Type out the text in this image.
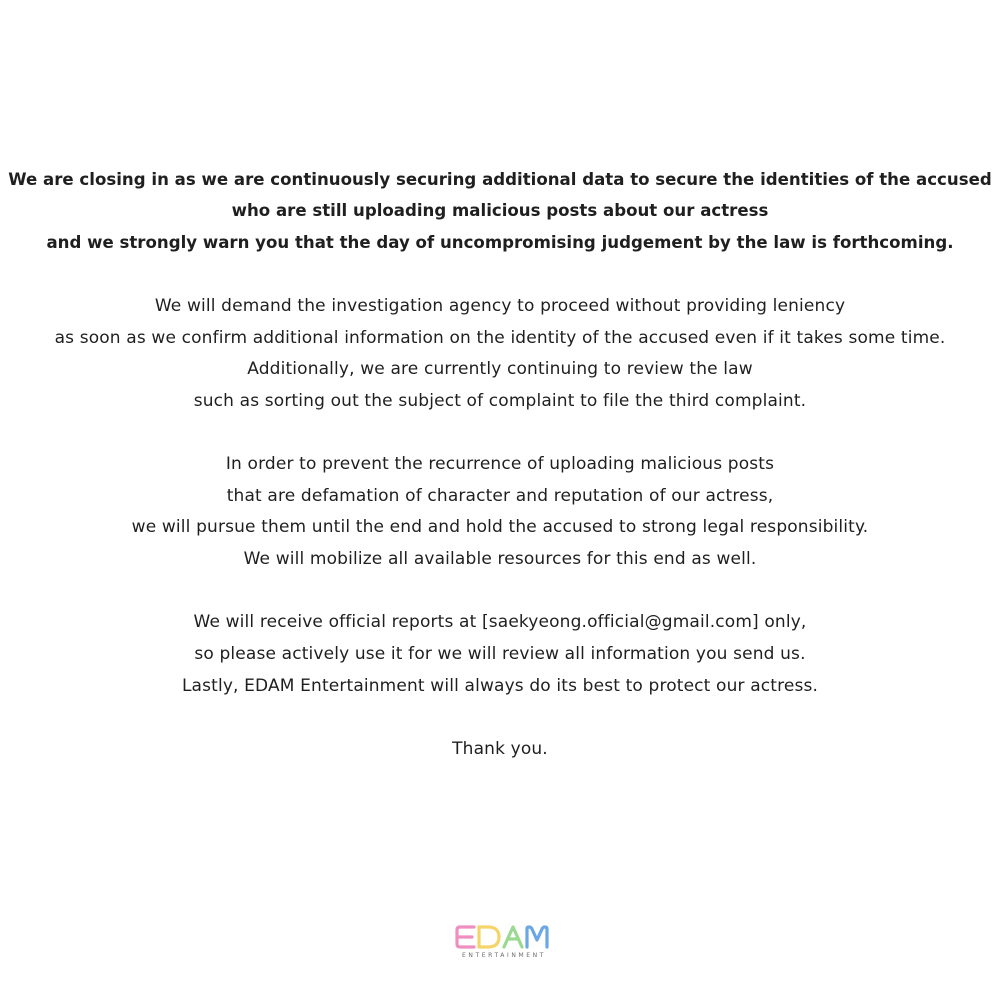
We are closing in as we are continuously securing additional data to secure the identities of the accused
who are still uploading malicious posts about our actress
and we strongly warn you that the day of uncompromising judgement by the law is forthcoming.
We will demand the investigation agency to proceed without providing leniency
as soon as we confirm additional information on the identity of the accused even if it takes some time.
Additionally, we are currently continuing to review the law
such as sorting out the subject of complaint to file the third complaint.
In order to prevent the recurrence of uploading malicious posts
that are defamation of character and reputation of our actress,
we will pursue them until the end and hold the accused to strong legal responsibility.
We will mobilize all available resources for this end as well.
We will receive official reports at [saekyeong.official@gmail.com] only,
so please actively use it for we will review all information you send us.
Lastly, EDAM Entertainment will always do its best to protect our actress.
Thank you.
ENTERTAINMENT
